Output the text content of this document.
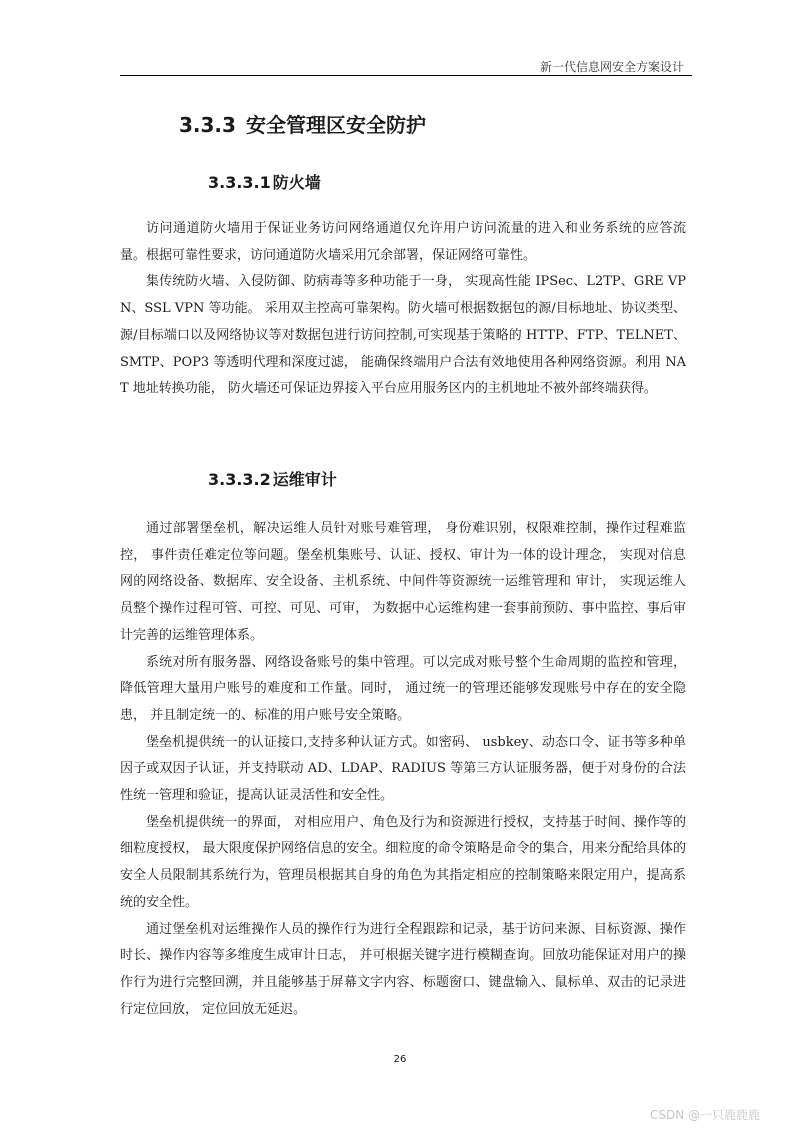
新一代信息网安全方案设计
3.3.3 安全管理区安全防护
3.3.3.1 防火墙

访问通道防火墙用于保证业务访问网络通道仅允许用户访问流量的进入和业务系统的应答流量。根据可靠性要求，访问通道防火墙采用冗余部署，保证网络可靠性。

集传统防火墙、入侵防御、防病毒等多种功能于一身， 实现高性能 IPSec、L2TP、GRE VPN、SSL VPN 等功能。 采用双主控高可靠架构。防火墙可根据数据包的源/目标地址、协议类型、源/目标端口以及网络协议等对数据包进行访问控制,可实现基于策略的 HTTP、FTP、TELNET、SMTP、POP3 等透明代理和深度过滤， 能确保终端用户合法有效地使用各种网络资源。利用 NAT 地址转换功能， 防火墙还可保证边界接入平台应用服务区内的主机地址不被外部终端获得。

3.3.3.2 运维审计

通过部署堡垒机，解决运维人员针对账号难管理， 身份难识别，权限难控制，操作过程难监控， 事件责任难定位等问题。堡垒机集账号、认证、授权、审计为一体的设计理念， 实现对信息网的网络设备、数据库、安全设备、主机系统、中间件等资源统一运维管理和 审计， 实现运维人员整个操作过程可管、可控、可见、可审， 为数据中心运维构建一套事前预防、事中监控、事后审计完善的运维管理体系。

系统对所有服务器、网络设备账号的集中管理。可以完成对账号整个生命周期的监控和管理，降低管理大量用户账号的难度和工作量。同时， 通过统一的管理还能够发现账号中存在的安全隐患， 并且制定统一的、标准的用户账号安全策略。

堡垒机提供统一的认证接口,支持多种认证方式。如密码、 usbkey、动态口令、证书等多种单因子或双因子认证，并支持联动 AD、LDAP、RADIUS 等第三方认证服务器，便于对身份的合法性统一管理和验证，提高认证灵活性和安全性。

堡垒机提供统一的界面， 对相应用户、角色及行为和资源进行授权，支持基于时间、操作等的细粒度授权， 最大限度保护网络信息的安全。细粒度的命令策略是命令的集合，用来分配给具体的安全人员限制其系统行为，管理员根据其自身的角色为其指定相应的控制策略来限定用户，提高系统的安全性。

通过堡垒机对运维操作人员的操作行为进行全程跟踪和记录，基于访问来源、目标资源、操作时长、操作内容等多维度生成审计日志， 并可根据关键字进行模糊查询。回放功能保证对用户的操作行为进行完整回溯，并且能够基于屏幕文字内容、标题窗口、键盘输入、鼠标单、双击的记录进行定位回放， 定位回放无延迟。

26
CSDN @一只鹿鹿鹿
